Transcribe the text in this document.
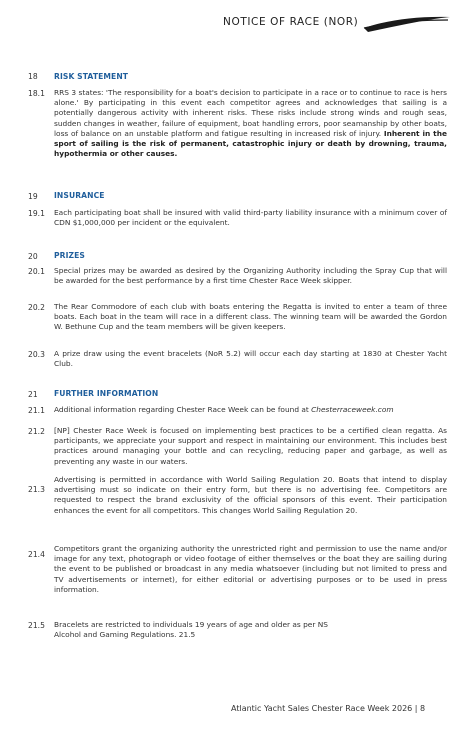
NOTICE OF RACE (NOR)
18 RISK STATEMENT
18.1 RRS 3 states: 'The responsibility for a boat's decision to participate in a race or to continue to race is hers alone.' By participating in this event each competitor agrees and acknowledges that sailing is a potentially dangerous activity with inherent risks. These risks include strong winds and rough seas, sudden changes in weather, failure of equipment, boat handling errors, poor seamanship by other boats, loss of balance on an unstable platform and fatigue resulting in increased risk of injury. Inherent in the sport of sailing is the risk of permanent, catastrophic injury or death by drowning, trauma, hypothermia or other causes.
19 INSURANCE
19.1 Each participating boat shall be insured with valid third-party liability insurance with a minimum cover of CDN $1,000,000 per incident or the equivalent.
20 PRIZES
20.1 Special prizes may be awarded as desired by the Organizing Authority including the Spray Cup that will be awarded for the best performance by a first time Chester Race Week skipper.
20.2 The Rear Commodore of each club with boats entering the Regatta is invited to enter a team of three boats. Each boat in the team will race in a different class. The winning team will be awarded the Gordon W. Bethune Cup and the team members will be given keepers.
20.3 A prize draw using the event bracelets (NoR 5.2) will occur each day starting at 1830 at Chester Yacht Club.
21 FURTHER INFORMATION
21.1 Additional information regarding Chester Race Week can be found at Chesterraceweek.com
21.2 [NP] Chester Race Week is focused on implementing best practices to be a certified clean regatta. As participants, we appreciate your support and respect in maintaining our environment. This includes best practices around managing your bottle and can recycling, reducing paper and garbage, as well as preventing any waste in our waters.
21.3
Advertising is permitted in accordance with World Sailing Regulation 20. Boats that intend to display advertising must so indicate on their entry form, but there is no advertising fee. Competitors are requested to respect the brand exclusivity of the official sponsors of this event. Their participation enhances the event for all competitors. This changes World Sailing Regulation 20.
21.4
Competitors grant the organizing authority the unrestricted right and permission to use the name and/or image for any text, photograph or video footage of either themselves or the boat they are sailing during the event to be published or broadcast in any media whatsoever (including but not limited to press and TV advertisements or internet), for either editorial or advertising purposes or to be used in press information.
21.5 Bracelets are restricted to individuals 19 years of age and older as per NS
Alcohol and Gaming Regulations. 21.5
Atlantic Yacht Sales Chester Race Week 2026 | 8
